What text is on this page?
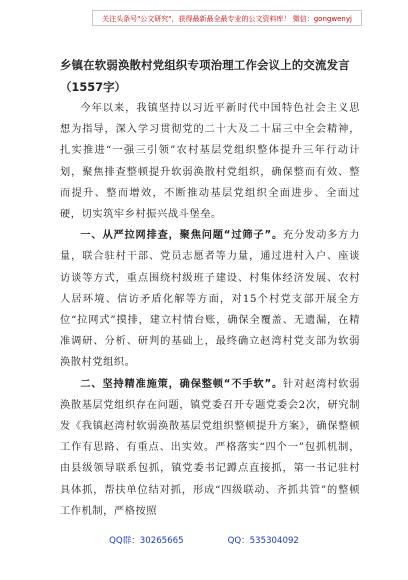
关注头条号"公文研究"，获得最新最全最专业的公文资料库！ 微信：gongwenyj

乡镇在软弱涣散村党组织专项治理工作会议上的交流发言

（1557字）

今年以来，我镇坚持以习近平新时代中国特色社会主义思想为指导，深入学习贯彻党的二十大及二十届三中全会精神，扎实推进“一强三引领”农村基层党组织整体提升三年行动计划，聚焦排查整顿提升软弱涣散村党组织，确保整而有效、整而提升、整而增效，不断推动基层党组织全面进步、全面过硬，切实筑牢乡村振兴战斗堡垒。

一、从严拉网排查，聚焦问题“过筛子”。充分发动多方力量，联合驻村干部、党员志愿者等力量，通过进村入户、座谈访谈等方式，重点围绕村级班子建设、村集体经济发展、农村人居环境、信访矛盾化解等方面，对15个村党支部开展全方位“拉网式”摸排，建立村情台账，确保全覆盖、无遗漏，在精准调研、分析、研判的基础上，最终确立赵湾村党支部为软弱涣散村党组织。

二、坚持精准施策，确保整顿“不手软”。针对赵湾村软弱涣散基层党组织存在问题，镇党委召开专题党委会2次，研究制发《我镇赵湾村软弱涣散基层党组织整顿提升方案》，确保整顿工作有思路、有重点、出实效。严格落实“四个一”包抓机制，由县级领导联系包抓，镇党委书记蹲点直接抓，第一书记驻村具体抓，帮扶单位结对抓，形成“四级联动、齐抓共管”的整顿工作机制，严格按照

QQ群：30265665	QQ：535304092
